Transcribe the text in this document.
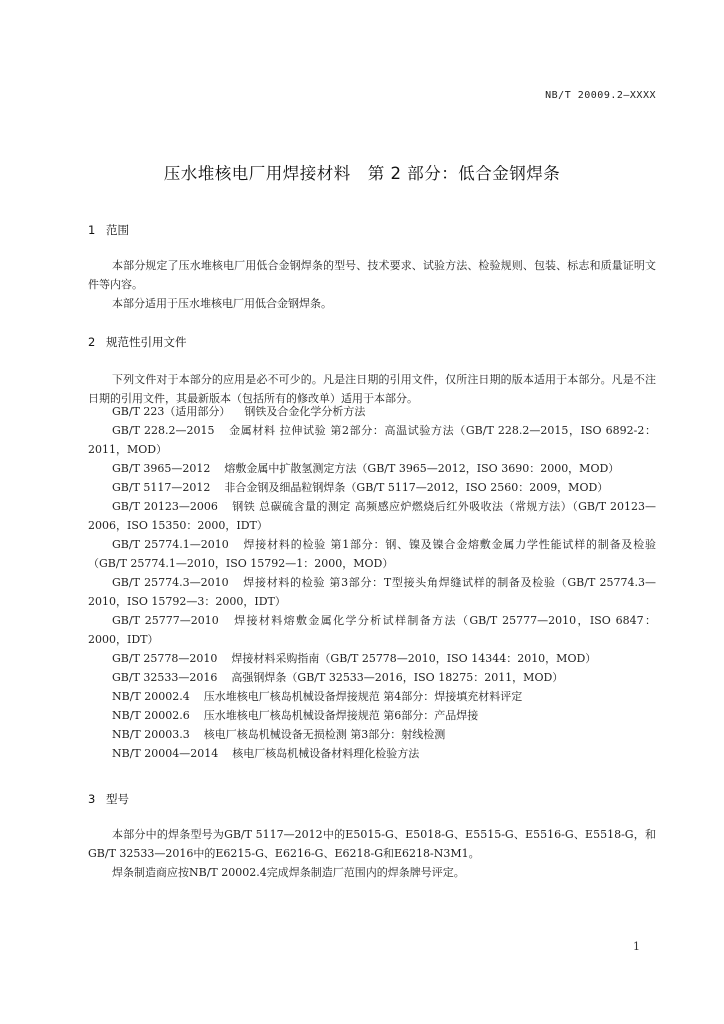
NB/T 20009.2—XXXX
压水堆核电厂用焊接材料　第 2 部分：低合金钢焊条
1 范围

本部分规定了压水堆核电厂用低合金钢焊条的型号、技术要求、试验方法、检验规则、包装、标志和质量证明文件等内容。

本部分适用于压水堆核电厂用低合金钢焊条。

2 规范性引用文件

下列文件对于本部分的应用是必不可少的。凡是注日期的引用文件，仅所注日期的版本适用于本部分。凡是不注日期的引用文件，其最新版本（包括所有的修改单）适用于本部分。

GB/T 223（适用部分） 钢铁及合金化学分析方法
GB/T 228.2—2015 金属材料 拉伸试验 第2部分：高温试验方法（GB/T 228.2—2015，ISO 6892-2：2011，MOD）
GB/T 3965—2012 熔敷金属中扩散氢测定方法（GB/T 3965—2012，ISO 3690：2000，MOD）
GB/T 5117—2012 非合金钢及细晶粒钢焊条（GB/T 5117—2012，ISO 2560：2009，MOD）
GB/T 20123—2006 钢铁 总碳硫含量的测定 高频感应炉燃烧后红外吸收法（常规方法）（GB/T 20123—2006，ISO 15350：2000，IDT）
GB/T 25774.1—2010 焊接材料的检验 第1部分：钢、镍及镍合金熔敷金属力学性能试样的制备及检验（GB/T 25774.1—2010，ISO 15792—1：2000，MOD）
GB/T 25774.3—2010 焊接材料的检验 第3部分：T型接头角焊缝试样的制备及检验（GB/T 25774.3—2010，ISO 15792—3：2000，IDT）
GB/T 25777—2010 焊接材料熔敷金属化学分析试样制备方法（GB/T 25777—2010，ISO 6847：2000，IDT）
GB/T 25778—2010 焊接材料采购指南（GB/T 25778—2010，ISO 14344：2010，MOD）
GB/T 32533—2016 高强钢焊条（GB/T 32533—2016，ISO 18275：2011，MOD）
NB/T 20002.4 压水堆核电厂核岛机械设备焊接规范 第4部分：焊接填充材料评定
NB/T 20002.6 压水堆核电厂核岛机械设备焊接规范 第6部分：产品焊接
NB/T 20003.3 核电厂核岛机械设备无损检测 第3部分：射线检测
NB/T 20004—2014 核电厂核岛机械设备材料理化检验方法
3 型号

本部分中的焊条型号为GB/T 5117—2012中的E5015-G、E5018-G、E5515-G、E5516-G、E5518-G，和GB/T 32533—2016中的E6215-G、E6216-G、E6218-G和E6218-N3M1。

焊条制造商应按NB/T 20002.4完成焊条制造厂范围内的焊条牌号评定。

1
